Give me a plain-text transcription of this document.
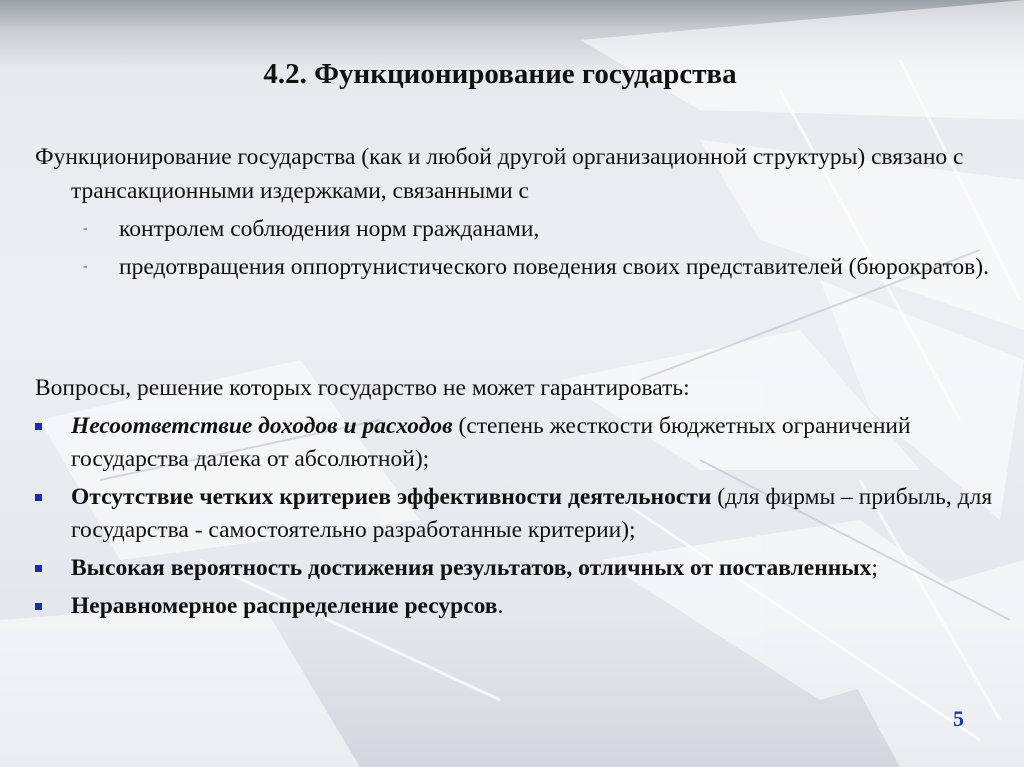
4.2. Функционирование государства

Функционирование государства (как и любой другой организационной структуры) связано с трансакционными издержками, связанными с

- контролем соблюдения норм гражданами,
- предотвращения оппортунистического поведения своих представителей (бюрократов).

Вопросы, решение которых государство не может гарантировать:

Несоответствие доходов и расходов (степень жесткости бюджетных ограничений государства далека от абсолютной);
Отсутствие четких критериев эффективности деятельности (для фирмы – прибыль, для государства - самостоятельно разработанные критерии);
Высокая вероятность достижения результатов, отличных от поставленных;
Неравномерное распределение ресурсов.
5
